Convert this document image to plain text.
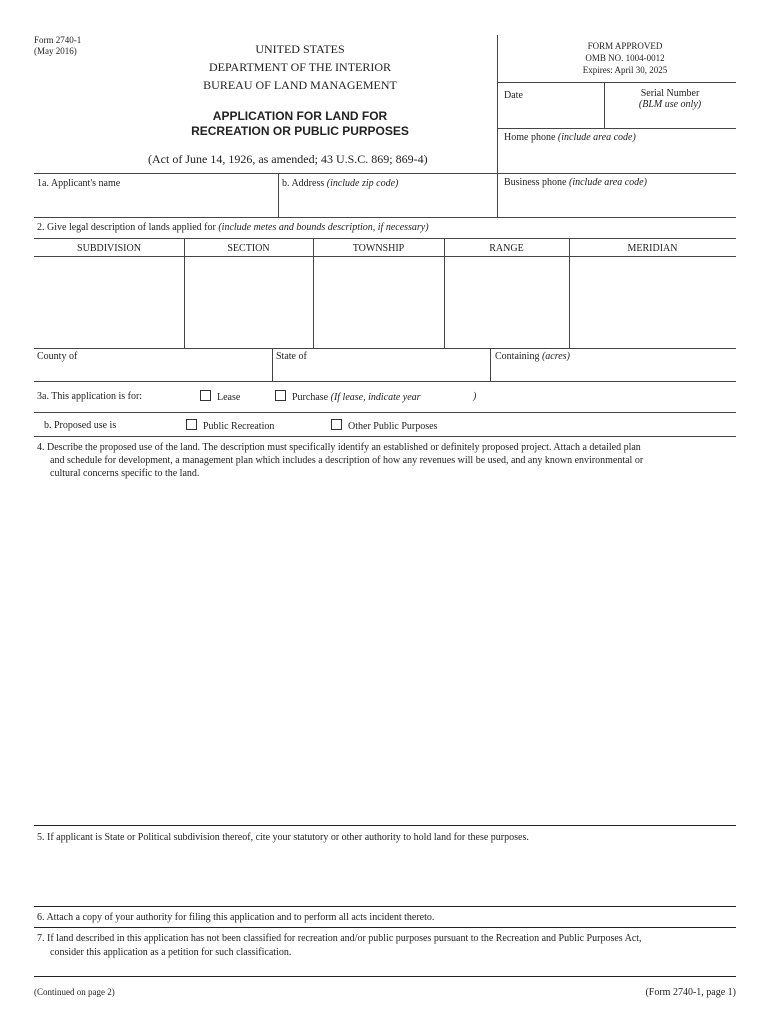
Form 2740-1
(May 2016)	UNITED STATES
DEPARTMENT OF THE INTERIOR
BUREAU OF LAND MANAGEMENT
APPLICATION FOR LAND FOR
RECREATION OR PUBLIC PURPOSES
(Act of June 14, 1926, as amended; 43 U.S.C. 869; 869-4)
FORM APPROVED
OMB NO. 1004-0012
Expires: April 30, 2025
Date	Serial Number
(BLM use only)
Home phone (include area code)
1a. Applicant's name	b. Address (include zip code)	Business phone (include area code)
2. Give legal description of lands applied for (include metes and bounds description, if necessary)
SUBDIVISION	SECTION	TOWNSHIP	RANGE	MERIDIAN
County of	State of	Containing (acres)
3a. This application is for:	Lease	Purchase (If lease, indicate year	)
b. Proposed use is	Public Recreation	Other Public Purposes
4. Describe the proposed use of the land. The description must specifically identify an established or definitely proposed project. Attach a detailed plan
and schedule for development, a management plan which includes a description of how any revenues will be used, and any known environmental or
cultural concerns specific to the land.
5. If applicant is State or Political subdivision thereof, cite your statutory or other authority to hold land for these purposes.
6. Attach a copy of your authority for filing this application and to perform all acts incident thereto.
7. If land described in this application has not been classified for recreation and/or public purposes pursuant to the Recreation and Public Purposes Act,
consider this application as a petition for such classification.
(Continued on page 2)	(Form 2740-1, page 1)
